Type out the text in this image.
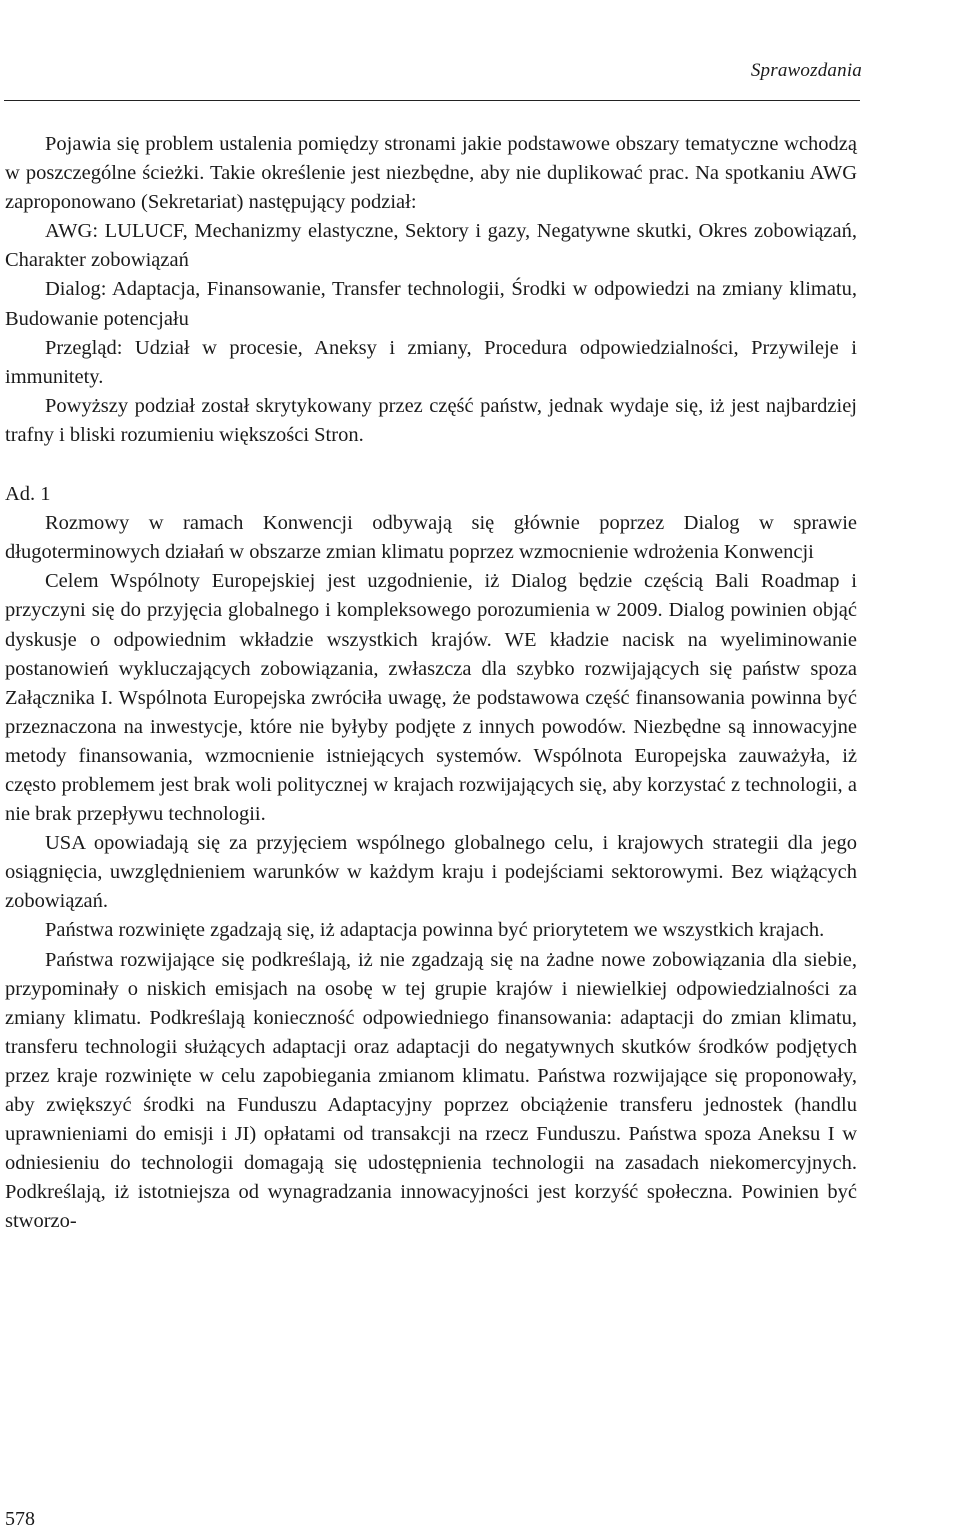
Sprawozdania

Pojawia się problem ustalenia pomiędzy stronami jakie podstawowe obszary tematyczne wchodzą w poszczególne ścieżki. Takie określenie jest niezbędne, aby nie duplikować prac. Na spotkaniu AWG zaproponowano (Sekretariat) następujący podział:

AWG: LULUCF, Mechanizmy elastyczne, Sektory i gazy, Negatywne skutki, Okres zobowiązań, Charakter zobowiązań

Dialog: Adaptacja, Finansowanie, Transfer technologii, Środki w odpowiedzi na zmiany klimatu, Budowanie potencjału

Przegląd: Udział w procesie, Aneksy i zmiany, Procedura odpowiedzialności, Przywileje i immunitety.

Powyższy podział został skrytykowany przez część państw, jednak wydaje się, iż jest najbardziej trafny i bliski rozumieniu większości Stron.

Ad. 1

Rozmowy w ramach Konwencji odbywają się głównie poprzez Dialog w sprawie długoterminowych działań w obszarze zmian klimatu poprzez wzmocnienie wdrożenia Konwencji

Celem Wspólnoty Europejskiej jest uzgodnienie, iż Dialog będzie częścią Bali Roadmap i przyczyni się do przyjęcia globalnego i kompleksowego porozumienia w 2009. Dialog powinien objąć dyskusje o odpowiednim wkładzie wszystkich krajów. WE kładzie nacisk na wyeliminowanie postanowień wykluczających zobowiązania, zwłaszcza dla szybko rozwijających się państw spoza Załącznika I. Wspólnota Europejska zwróciła uwagę, że podstawowa część finansowania powinna być przeznaczona na inwestycje, które nie byłyby podjęte z innych powodów. Niezbędne są innowacyjne metody finansowania, wzmocnienie istniejących systemów. Wspólnota Europejska zauważyła, iż często problemem jest brak woli politycznej w krajach rozwijających się, aby korzystać z technologii, a nie brak przepływu technologii.

USA opowiadają się za przyjęciem wspólnego globalnego celu, i krajowych strategii dla jego osiągnięcia, uwzględnieniem warunków w każdym kraju i podejściami sektorowymi. Bez wiążących zobowiązań.

Państwa rozwinięte zgadzają się, iż adaptacja powinna być priorytetem we wszystkich krajach.

Państwa rozwijające się podkreślają, iż nie zgadzają się na żadne nowe zobowiązania dla siebie, przypominały o niskich emisjach na osobę w tej grupie krajów i niewielkiej odpowiedzialności za zmiany klimatu. Podkreślają konieczność odpowiedniego finansowania: adaptacji do zmian klimatu, transferu technologii służących adaptacji oraz adaptacji do negatywnych skutków środków podjętych przez kraje rozwinięte w celu zapobiegania zmianom klimatu. Państwa rozwijające się proponowały, aby zwiększyć środki na Funduszu Adaptacyjny poprzez obciążenie transferu jednostek (handlu uprawnieniami do emisji i JI) opłatami od transakcji na rzecz Funduszu. Państwa spoza Aneksu I w odniesieniu do technologii domagają się udostępnienia technologii na zasadach niekomercyjnych. Podkreślają, iż istotniejsza od wynagradzania innowacyjności jest korzyść społeczna. Powinien być stworzo-

578
